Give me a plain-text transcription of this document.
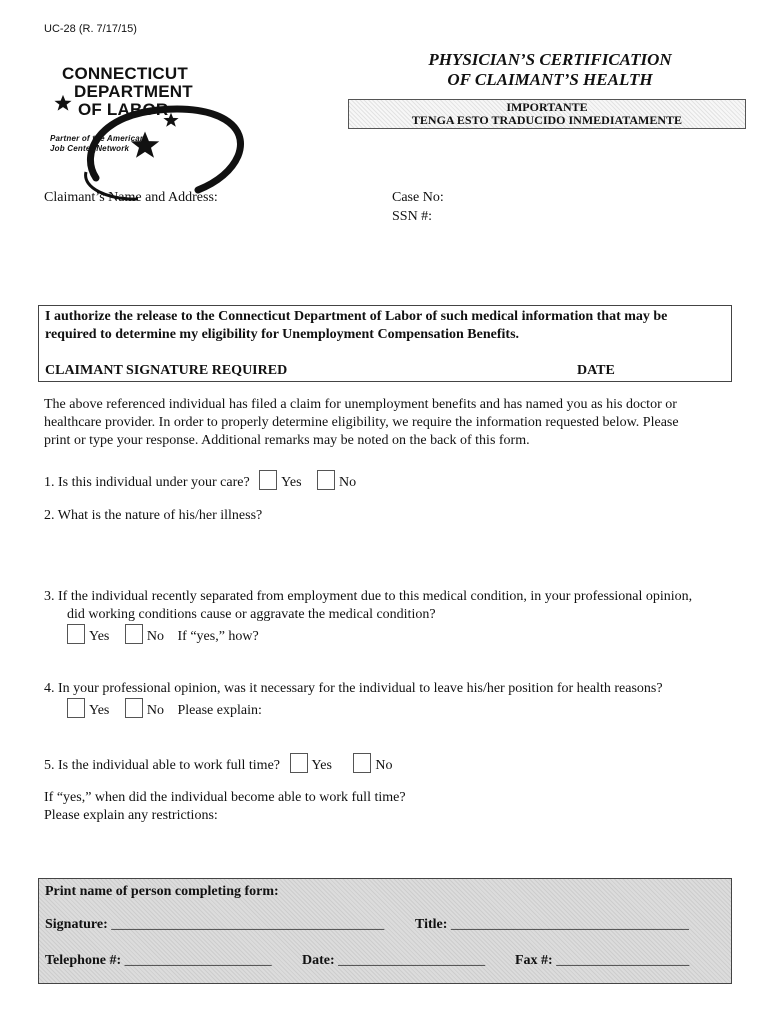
UC-28 (R. 7/17/15)
CONNECTICUT
DEPARTMENT
OF LABOR
Partner of the American
Job Center Network
PHYSICIAN’S CERTIFICATION
OF CLAIMANT’S HEALTH
IMPORTANTE
TENGA ESTO TRADUCIDO INMEDIATAMENTE
Claimant’s Name and Address:	Case No:
SSN #:
I authorize the release to the Connecticut Department of Labor of such medical information that may be
required to determine my eligibility for Unemployment Compensation Benefits.
CLAIMANT SIGNATURE REQUIRED	DATE
The above referenced individual has filed a claim for unemployment benefits and has named you as his doctor or
healthcare provider. In order to properly determine eligibility, we require the information requested below. Please
print or type your response. Additional remarks may be noted on the back of this form.
1. Is this individual under your care? Yes	No
2. What is the nature of his/her illness?
3. If the individual recently separated from employment due to this medical condition, in your professional opinion,
did working conditions cause or aggravate the medical condition?
Yes	No If “yes,” how?
4. In your professional opinion, was it necessary for the individual to leave his/her position for health reasons?
Yes	No Please explain:
5. Is the individual able to work full time? Yes	No
If “yes,” when did the individual become able to work full time?
Please explain any restrictions:
Print name of person completing form:
Signature: _______________________________________ Title: __________________________________
Telephone #: _____________________ Date: _____________________ Fax #: ___________________
